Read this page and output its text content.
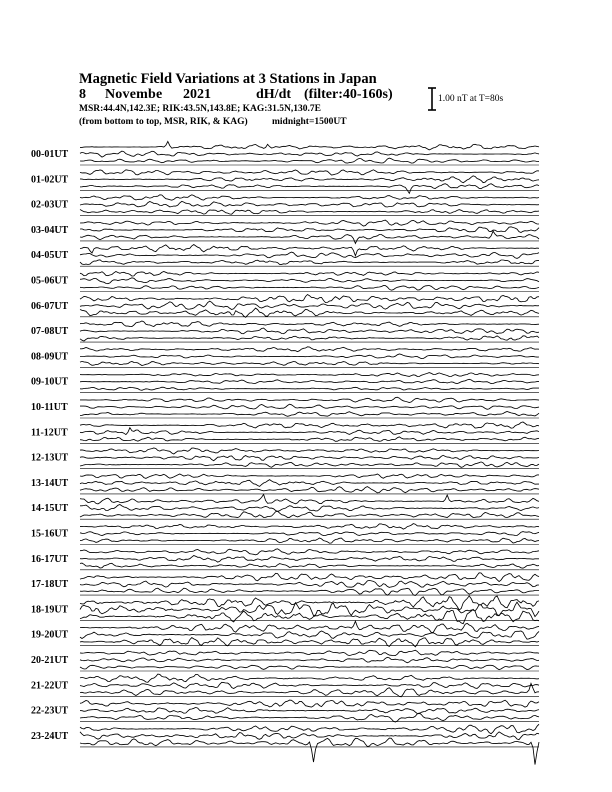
Magnetic Field Variations at 3 Stations in Japan
8 Novembe 2021	dH/dt (filter:40-160s)
MSR:44.4N,142.3E; RIK:43.5N,143.8E; KAG:31.5N,130.7E
(from bottom to top, MSR, RIK, & KAG)	midnight=1500UT
1.00 nT at T=80s
00-01UT
01-02UT
02-03UT
03-04UT
04-05UT
05-06UT
06-07UT
07-08UT
08-09UT
09-10UT
10-11UT
11-12UT
12-13UT
13-14UT
14-15UT
15-16UT
16-17UT
17-18UT
18-19UT
19-20UT
20-21UT
21-22UT
22-23UT
23-24UT
